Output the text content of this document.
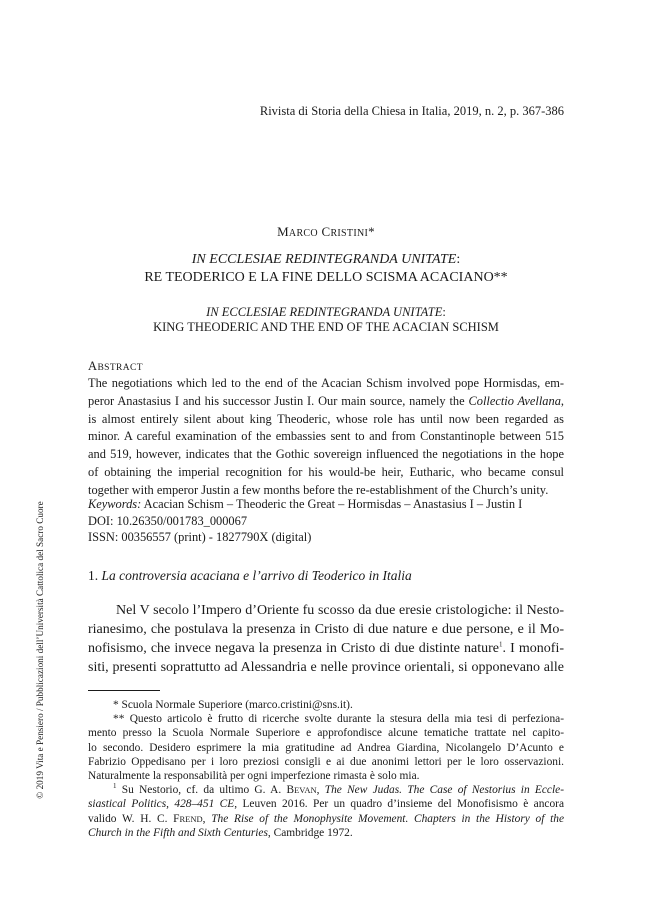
Rivista di Storia della Chiesa in Italia, 2019, n. 2, p. 367-386
© 2019 Vita e Pensiero / Pubblicazioni dell’Università Cattolica del Sacro Cuore
MARCO CRISTINI*
IN ECCLESIAE REDINTEGRANDA UNITATE:
RE TEODERICO E LA FINE DELLO SCISMA ACACIANO**
IN ECCLESIAE REDINTEGRANDA UNITATE:
KING THEODERIC AND THE END OF THE ACACIAN SCHISM
ABSTRACT
The negotiations which led to the end of the Acacian Schism involved pope Hormisdas, em-
peror Anastasius I and his successor Justin I. Our main source, namely the Collectio Avellana,
is almost entirely silent about king Theoderic, whose role has until now been regarded as
minor. A careful examination of the embassies sent to and from Constantinople between 515
and 519, however, indicates that the Gothic sovereign influenced the negotiations in the hope
of obtaining the imperial recognition for his would-be heir, Eutharic, who became consul
together with emperor Justin a few months before the re-establishment of the Church’s unity.
Keywords: Acacian Schism – Theoderic the Great – Hormisdas – Anastasius I – Justin I
DOI: 10.26350/001783_000067
ISSN: 00356557 (print) - 1827790X (digital)
1. La controversia acaciana e l’arrivo di Teoderico in Italia
Nel V secolo l’Impero d’Oriente fu scosso da due eresie cristologiche: il Nesto-
rianesimo, che postulava la presenza in Cristo di due nature e due persone, e il Mo-
nofisismo, che invece negava la presenza in Cristo di due distinte nature$^1$. I monofi-
siti, presenti soprattutto ad Alessandria e nelle province orientali, si opponevano alle
* Scuola Normale Superiore (marco.cristini@sns.it).
** Questo articolo è frutto di ricerche svolte durante la stesura della mia tesi di perfeziona-
mento presso la Scuola Normale Superiore e approfondisce alcune tematiche trattate nel capito-
lo secondo. Desidero esprimere la mia gratitudine ad Andrea Giardina, Nicolangelo D’Acunto e
Fabrizio Oppedisano per i loro preziosi consigli e ai due anonimi lettori per le loro osservazioni.
Naturalmente la responsabilità per ogni imperfezione rimasta è solo mia.
$^1$ Su Nestorio, cf. da ultimo G. A. BEVAN, The New Judas. The Case of Nestorius in Eccle-
siastical Politics, 428–451 CE, Leuven 2016. Per un quadro d’insieme del Monofisismo è ancora
valido W. H. C. FREND, The Rise of the Monophysite Movement. Chapters in the History of the
Church in the Fifth and Sixth Centuries, Cambridge 1972.
